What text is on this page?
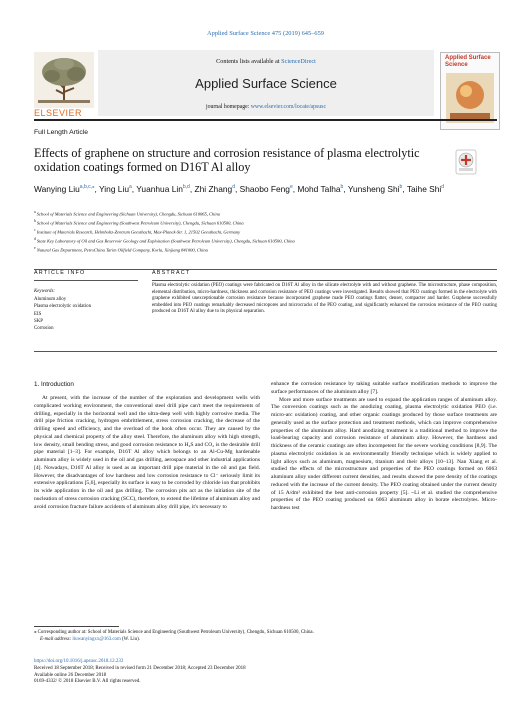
Applied Surface Science 475 (2019) 645–659
Contents lists available at ScienceDirect
Applied Surface Science
journal homepage: www.elsevier.com/locate/apsusc
ELSEVIER
Applied Surface Science
Full Length Article
Effects of graphene on structure and corrosion resistance of plasma electrolytic oxidation coatings formed on D16T Al alloy
Wanying Liu$^{a,b,c,⁎}$, Ying Liu$^a$, Yuanhua Lin$^{b,d}$, Zhi Zhang$^d$, Shaobo Feng$^e$, Mohd Talha$^b$, Yunsheng Shi$^b$, Taihe Shi$^d$
$^a$ School of Materials Science and Engineering (Sichuan University), Chengdu, Sichuan 610065, China
$^b$ School of Materials Science and Engineering (Southwest Petroleum University), Chengdu, Sichuan 610500, China
$^c$ Institute of Materials Research, Helmholtz-Zentrum Geesthacht, Max-Planck-Str. 1, 21502 Geesthacht, Germany
$^d$ State Key Laboratory of Oil and Gas Reservoir Geology and Exploitation (Southwest Petroleum University), Chengdu, Sichuan 610500, China
$^e$ Natural Gas Department, PetroChina Tarim Oilfield Company, Korla, Xinjiang 841000, China
ARTICLE INFO	ABSTRACT
Keywords:
Aluminum alloy
Plasma electrolytic oxidation
EIS
SKP
Corrosion
Plasma electrolytic oxidation (PEO) coatings were fabricated on D16T Al alloy in the silicate electrolyte with and without graphene. The microstructure, phase composition, elemental distribution, micro-hardness, thickness and corrosion resistance of PEO coatings were investigated. Results showed that PEO coatings formed in the electrolyte with graphene exhibited unexceptionable corrosion resistance because incorporated graphene made PEO coatings flatter, denser, compacter and harder. Graphene successfully embedded into PEO coatings remarkably decreased micropores and microcracks of the PEO coating, and significantly enhanced the corrosion resistance of the PEO coating produced on D16T Al alloy due to its physical separation.
1. Introduction

At present, with the increase of the number of the exploration and development wells with complicated working environment, the conventional steel drill pipe can't meet the requirements of drilling, especially in the horizontal well and the ultra-deep well with highly corrosive media. The drill pipe friction cracking, hydrogen embrittlement, stress corrosion cracking, the decrease of the drilling speed and efficiency, and the overload of the hook often occur. They are caused by the physical and chemical property of the alloy steel. Therefore, the aluminum alloy with high strength, low density, small bending stress, and good corrosion resistance to H₂S and CO₂ is the desirable drill pipe material [1–3]. For example, D16T Al alloy which belongs to an Al-Cu-Mg hardenable aluminum alloy is widely used in the oil and gas drilling, aerospace and other industrial applications [4]. Nowadays, D16T Al alloy is used as an important drill pipe material in the oil and gas field. However, the disadvantages of low hardness and low corrosion resistance to Cl⁻ seriously limit its extensive applications [5,6], especially its surface is easy to be corroded by chloride ion that prohibits its wide application in the oil and gas drilling. The corrosion pits act as the initiation site of the nucleation of stress corrosion cracking (SCC), therefore, to extend the lifetime of aluminum alloy and avoid corrosion fracture failure accidents of aluminum alloy drill pipe, it's necessary to

enhance the corrosion resistance by taking suitable surface modification methods to improve the surface performances of the aluminum alloy [7].

More and more surface treatments are used to expand the application ranges of aluminum alloy. The conversion coatings such as the anodizing coating, plasma electrolytic oxidation PEO (i.e. micro-arc oxidation) coating, and other organic coatings produced by those surface treatments are generally used as the surface protection and treatment methods, which can improve comprehensive properties of the aluminum alloy. Hard anodizing treatment is a traditional method to improve the load-bearing capacity and corrosion resistance of aluminum alloy. However, the hardness and thickness of the ceramic coatings are often incompetent for the severe working conditions [8,9]. The plasma electrolytic oxidation is an environmentally friendly technique which is widely applied to light alloys such as aluminum, magnesium, titanium and their alloys [10–13]. Nan Xiang et al. studied the effects of the microstructure and properties of the PEO coatings formed on 6063 aluminum alloy under different current densities, and results showed the pore density of the coatings reduced with the increase of the current density. The PEO coating obtained under the current density of 15 A/dm² exhibited the best anti-corrosion property [5]. ~Li et al. studied the comprehensive properties of the PEO coating produced on 6063 aluminum alloy in borate electrolytes. Micro-hardness test

⁎ Corresponding author at: School of Materials Science and Engineering (Southwest Petroleum University), Chengdu, Sichuan 610500, China.
E-mail address: liuwanyingxx@163.com (W. Liu).
https://doi.org/10.1016/j.apsusc.2018.12.233
Received 18 September 2018; Received in revised form 21 December 2018; Accepted 23 December 2018
Available online 26 December 2018
0169-4332/ © 2018 Elsevier B.V. All rights reserved.
